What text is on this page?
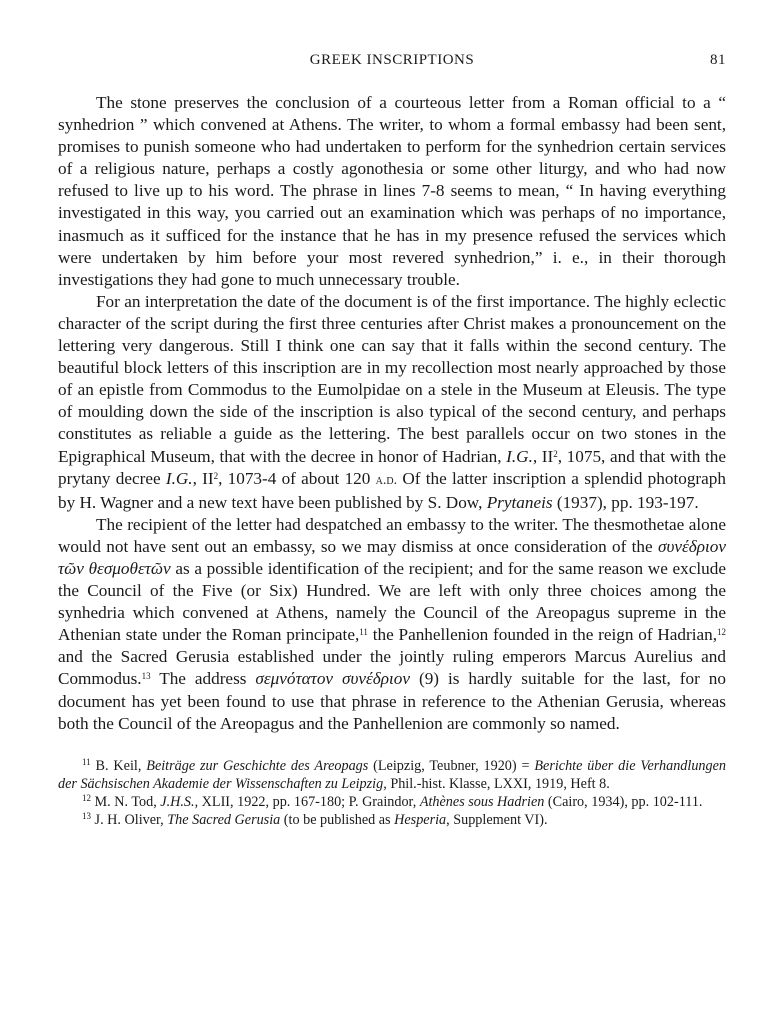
GREEK INSCRIPTIONS	81

The stone preserves the conclusion of a courteous letter from a Roman official to a “ synhedrion ” which convened at Athens. The writer, to whom a formal embassy had been sent, promises to punish someone who had undertaken to perform for the synhedrion certain services of a religious nature, perhaps a costly agonothesia or some other liturgy, and who had now refused to live up to his word. The phrase in lines 7-8 seems to mean, “ In having everything investigated in this way, you carried out an examination which was perhaps of no importance, inasmuch as it sufficed for the instance that he has in my presence refused the services which were undertaken by him before your most revered synhedrion,” i. e., in their thorough investigations they had gone to much unnecessary trouble.

For an interpretation the date of the document is of the first importance. The highly eclectic character of the script during the first three centuries after Christ makes a pronouncement on the lettering very dangerous. Still I think one can say that it falls within the second century. The beautiful block letters of this inscription are in my recollection most nearly approached by those of an epistle from Commodus to the Eumolpidae on a stele in the Museum at Eleusis. The type of moulding down the side of the inscription is also typical of the second century, and perhaps constitutes as reliable a guide as the lettering. The best parallels occur on two stones in the Epigraphical Museum, that with the decree in honor of Hadrian, I.G., $II^2$, 1075, and that with the prytany decree I.G., $II^2$, 1073-4 of about 120 a.d. Of the latter inscription a splendid photograph by H. Wagner and a new text have been published by S. Dow, Prytaneis (1937), pp. 193-197.

The recipient of the letter had despatched an embassy to the writer. The thesmothetae alone would not have sent out an embassy, so we may dismiss at once consideration of the συνέδριον τῶν θεσμοθετῶν as a possible identification of the recipient; and for the same reason we exclude the Council of the Five (or Six) Hundred. We are left with only three choices among the synhedria which convened at Athens, namely the Council of the Areopagus supreme in the Athenian state under the Roman principate,$^{11}$ the Panhellenion founded in the reign of Hadrian,$^{12}$ and the Sacred Gerusia established under the jointly ruling emperors Marcus Aurelius and Commodus.$^{13}$ The address σεμνότατον συνέδριον (9) is hardly suitable for the last, for no document has yet been found to use that phrase in reference to the Athenian Gerusia, whereas both the Council of the Areopagus and the Panhellenion are commonly so named.

$^{11}$ B. Keil, Beiträge zur Geschichte des Areopags (Leipzig, Teubner, 1920) = Berichte über die Verhandlungen der Sächsischen Akademie der Wissenschaften zu Leipzig, Phil.-hist. Klasse, LXXI, 1919, Heft 8.

$^{12}$ M. N. Tod, J.H.S., XLII, 1922, pp. 167-180; P. Graindor, Athènes sous Hadrien (Cairo, 1934), pp. 102-111.

$^{13}$ J. H. Oliver, The Sacred Gerusia (to be published as Hesperia, Supplement VI).
